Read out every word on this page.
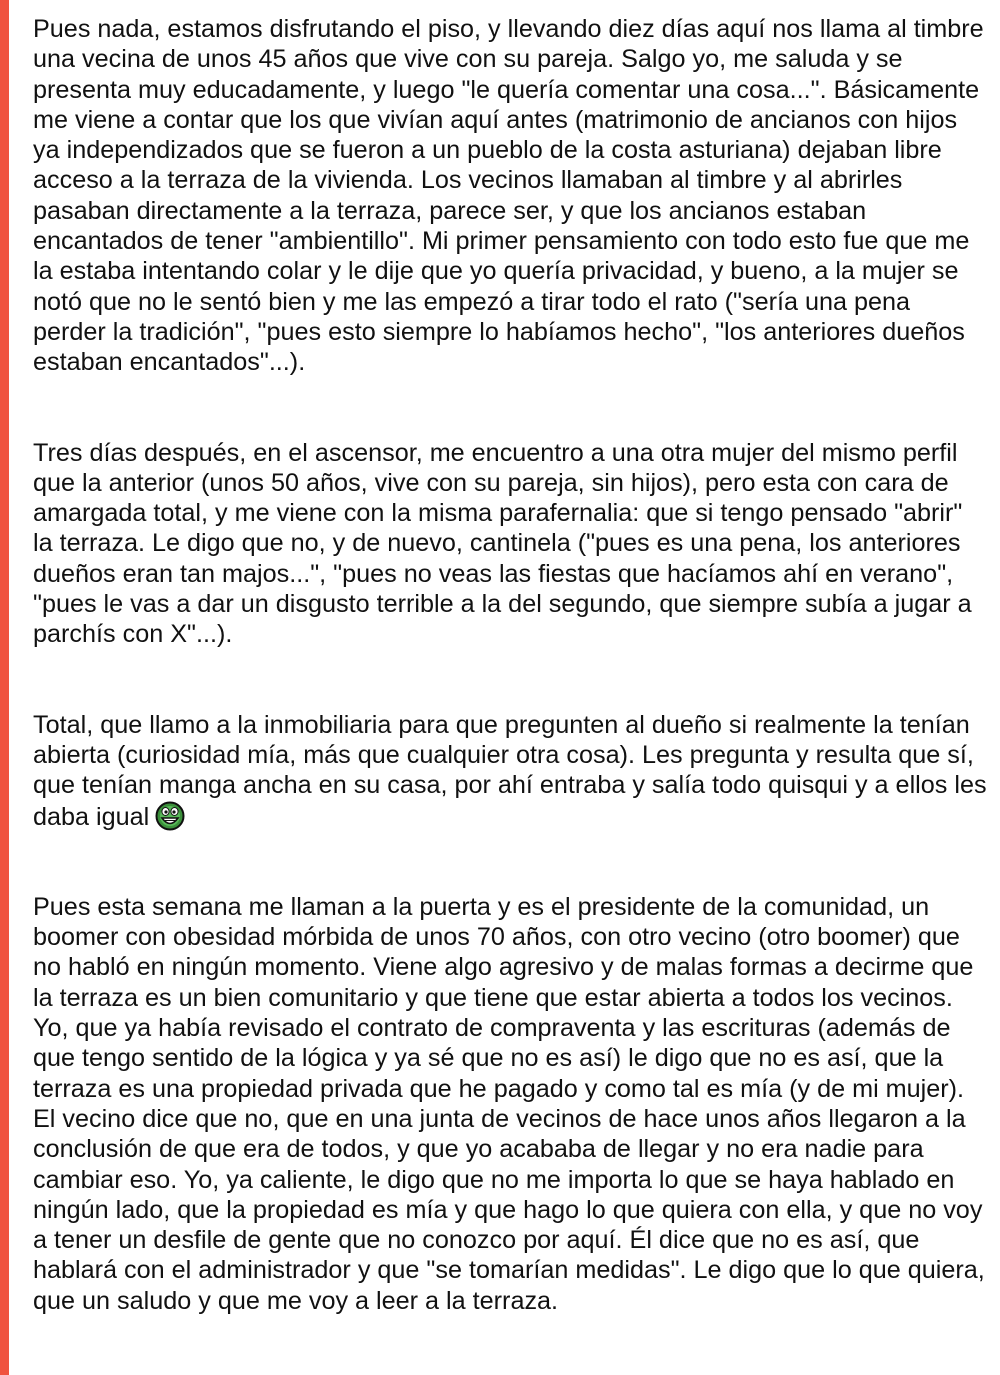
Pues nada, estamos disfrutando el piso, y llevando diez días aquí nos llama al timbre una vecina de unos 45 años que vive con su pareja. Salgo yo, me saluda y se presenta muy educadamente, y luego "le quería comentar una cosa...". Básicamente me viene a contar que los que vivían aquí antes (matrimonio de ancianos con hijos ya independizados que se fueron a un pueblo de la costa asturiana) dejaban libre acceso a la terraza de la vivienda. Los vecinos llamaban al timbre y al abrirles pasaban directamente a la terraza, parece ser, y que los ancianos estaban encantados de tener "ambientillo". Mi primer pensamiento con todo esto fue que me la estaba intentando colar y le dije que yo quería privacidad, y bueno, a la mujer se notó que no le sentó bien y me las empezó a tirar todo el rato ("sería una pena perder la tradición", "pues esto siempre lo habíamos hecho", "los anteriores dueños estaban encantados"...).

Tres días después, en el ascensor, me encuentro a una otra mujer del mismo perfil que la anterior (unos 50 años, vive con su pareja, sin hijos), pero esta con cara de amargada total, y me viene con la misma parafernalia: que si tengo pensado "abrir" la terraza. Le digo que no, y de nuevo, cantinela ("pues es una pena, los anteriores dueños eran tan majos...", "pues no veas las fiestas que hacíamos ahí en verano", "pues le vas a dar un disgusto terrible a la del segundo, que siempre subía a jugar a parchís con X"...).

Total, que llamo a la inmobiliaria para que pregunten al dueño si realmente la tenían abierta (curiosidad mía, más que cualquier otra cosa). Les pregunta y resulta que sí, que tenían manga ancha en su casa, por ahí entraba y salía todo quisqui y a ellos les daba igual

Pues esta semana me llaman a la puerta y es el presidente de la comunidad, un boomer con obesidad mórbida de unos 70 años, con otro vecino (otro boomer) que no habló en ningún momento. Viene algo agresivo y de malas formas a decirme que la terraza es un bien comunitario y que tiene que estar abierta a todos los vecinos. Yo, que ya había revisado el contrato de compraventa y las escrituras (además de que tengo sentido de la lógica y ya sé que no es así) le digo que no es así, que la terraza es una propiedad privada que he pagado y como tal es mía (y de mi mujer). El vecino dice que no, que en una junta de vecinos de hace unos años llegaron a la conclusión de que era de todos, y que yo acababa de llegar y no era nadie para cambiar eso. Yo, ya caliente, le digo que no me importa lo que se haya hablado en ningún lado, que la propiedad es mía y que hago lo que quiera con ella, y que no voy a tener un desfile de gente que no conozco por aquí. Él dice que no es así, que hablará con el administrador y que "se tomarían medidas". Le digo que lo que quiera, que un saludo y que me voy a leer a la terraza.
